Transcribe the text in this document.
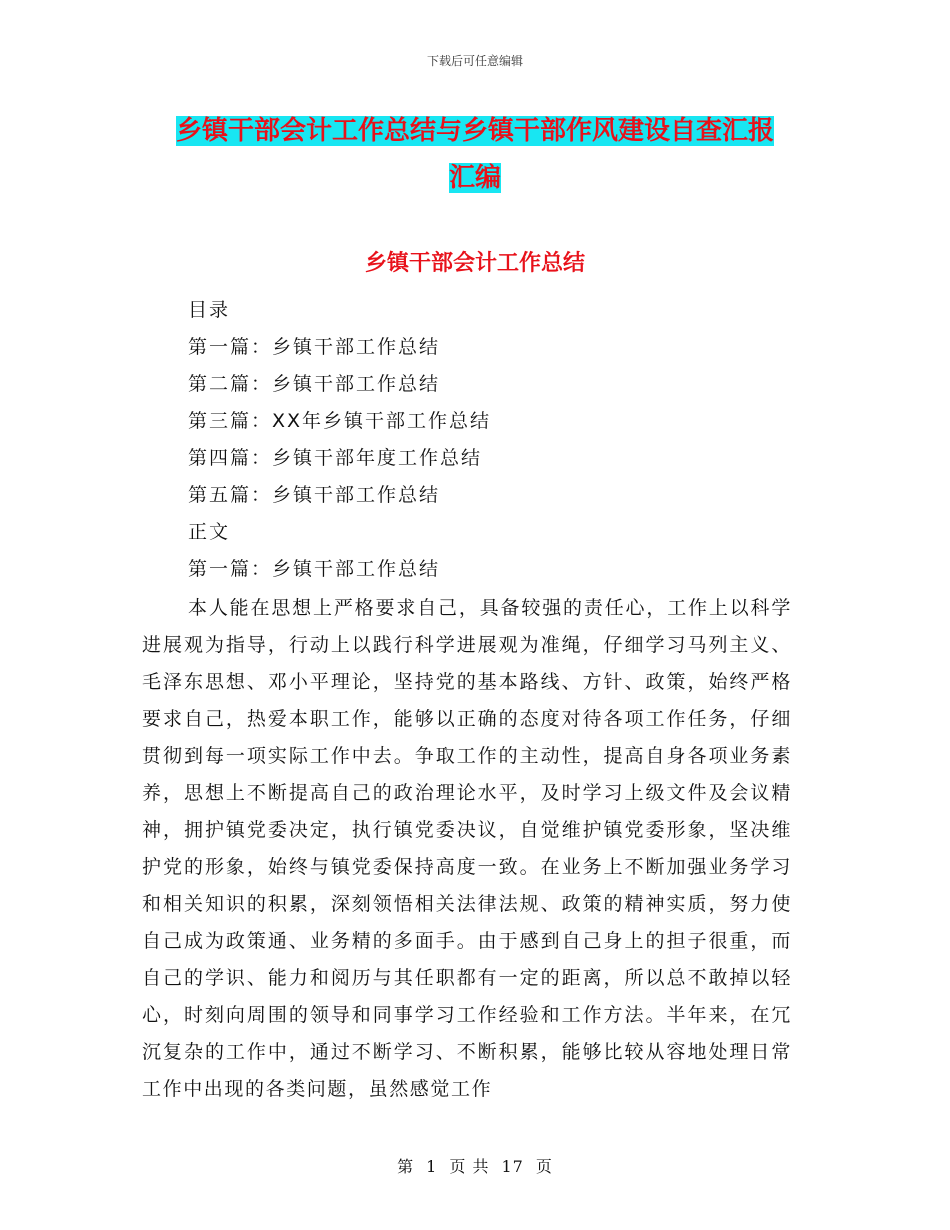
下载后可任意编辑
乡镇干部会计工作总结与乡镇干部作风建设自查汇报
汇编
乡镇干部会计工作总结
目录
第一篇：乡镇干部工作总结
第二篇：乡镇干部工作总结
第三篇：XX年乡镇干部工作总结
第四篇：乡镇干部年度工作总结
第五篇：乡镇干部工作总结
正文
第一篇：乡镇干部工作总结

本人能在思想上严格要求自己，具备较强的责任心，工作上以科学进展观为指导，行动上以践行科学进展观为准绳，仔细学习马列主义、毛泽东思想、邓小平理论，坚持党的基本路线、方针、政策，始终严格要求自己，热爱本职工作，能够以正确的态度对待各项工作任务，仔细贯彻到每一项实际工作中去。争取工作的主动性，提高自身各项业务素养，思想上不断提高自己的政治理论水平，及时学习上级文件及会议精神，拥护镇党委决定，执行镇党委决议，自觉维护镇党委形象，坚决维护党的形象，始终与镇党委保持高度一致。在业务上不断加强业务学习和相关知识的积累，深刻领悟相关法律法规、政策的精神实质，努力使自己成为政策通、业务精的多面手。由于感到自己身上的担子很重，而自己的学识、能力和阅历与其任职都有一定的距离，所以总不敢掉以轻心，时刻向周围的领导和同事学习工作经验和工作方法。半年来，在冗沉复杂的工作中，通过不断学习、不断积累，能够比较从容地处理日常工作中出现的各类问题，虽然感觉工作

第 1 页 共 17 页
